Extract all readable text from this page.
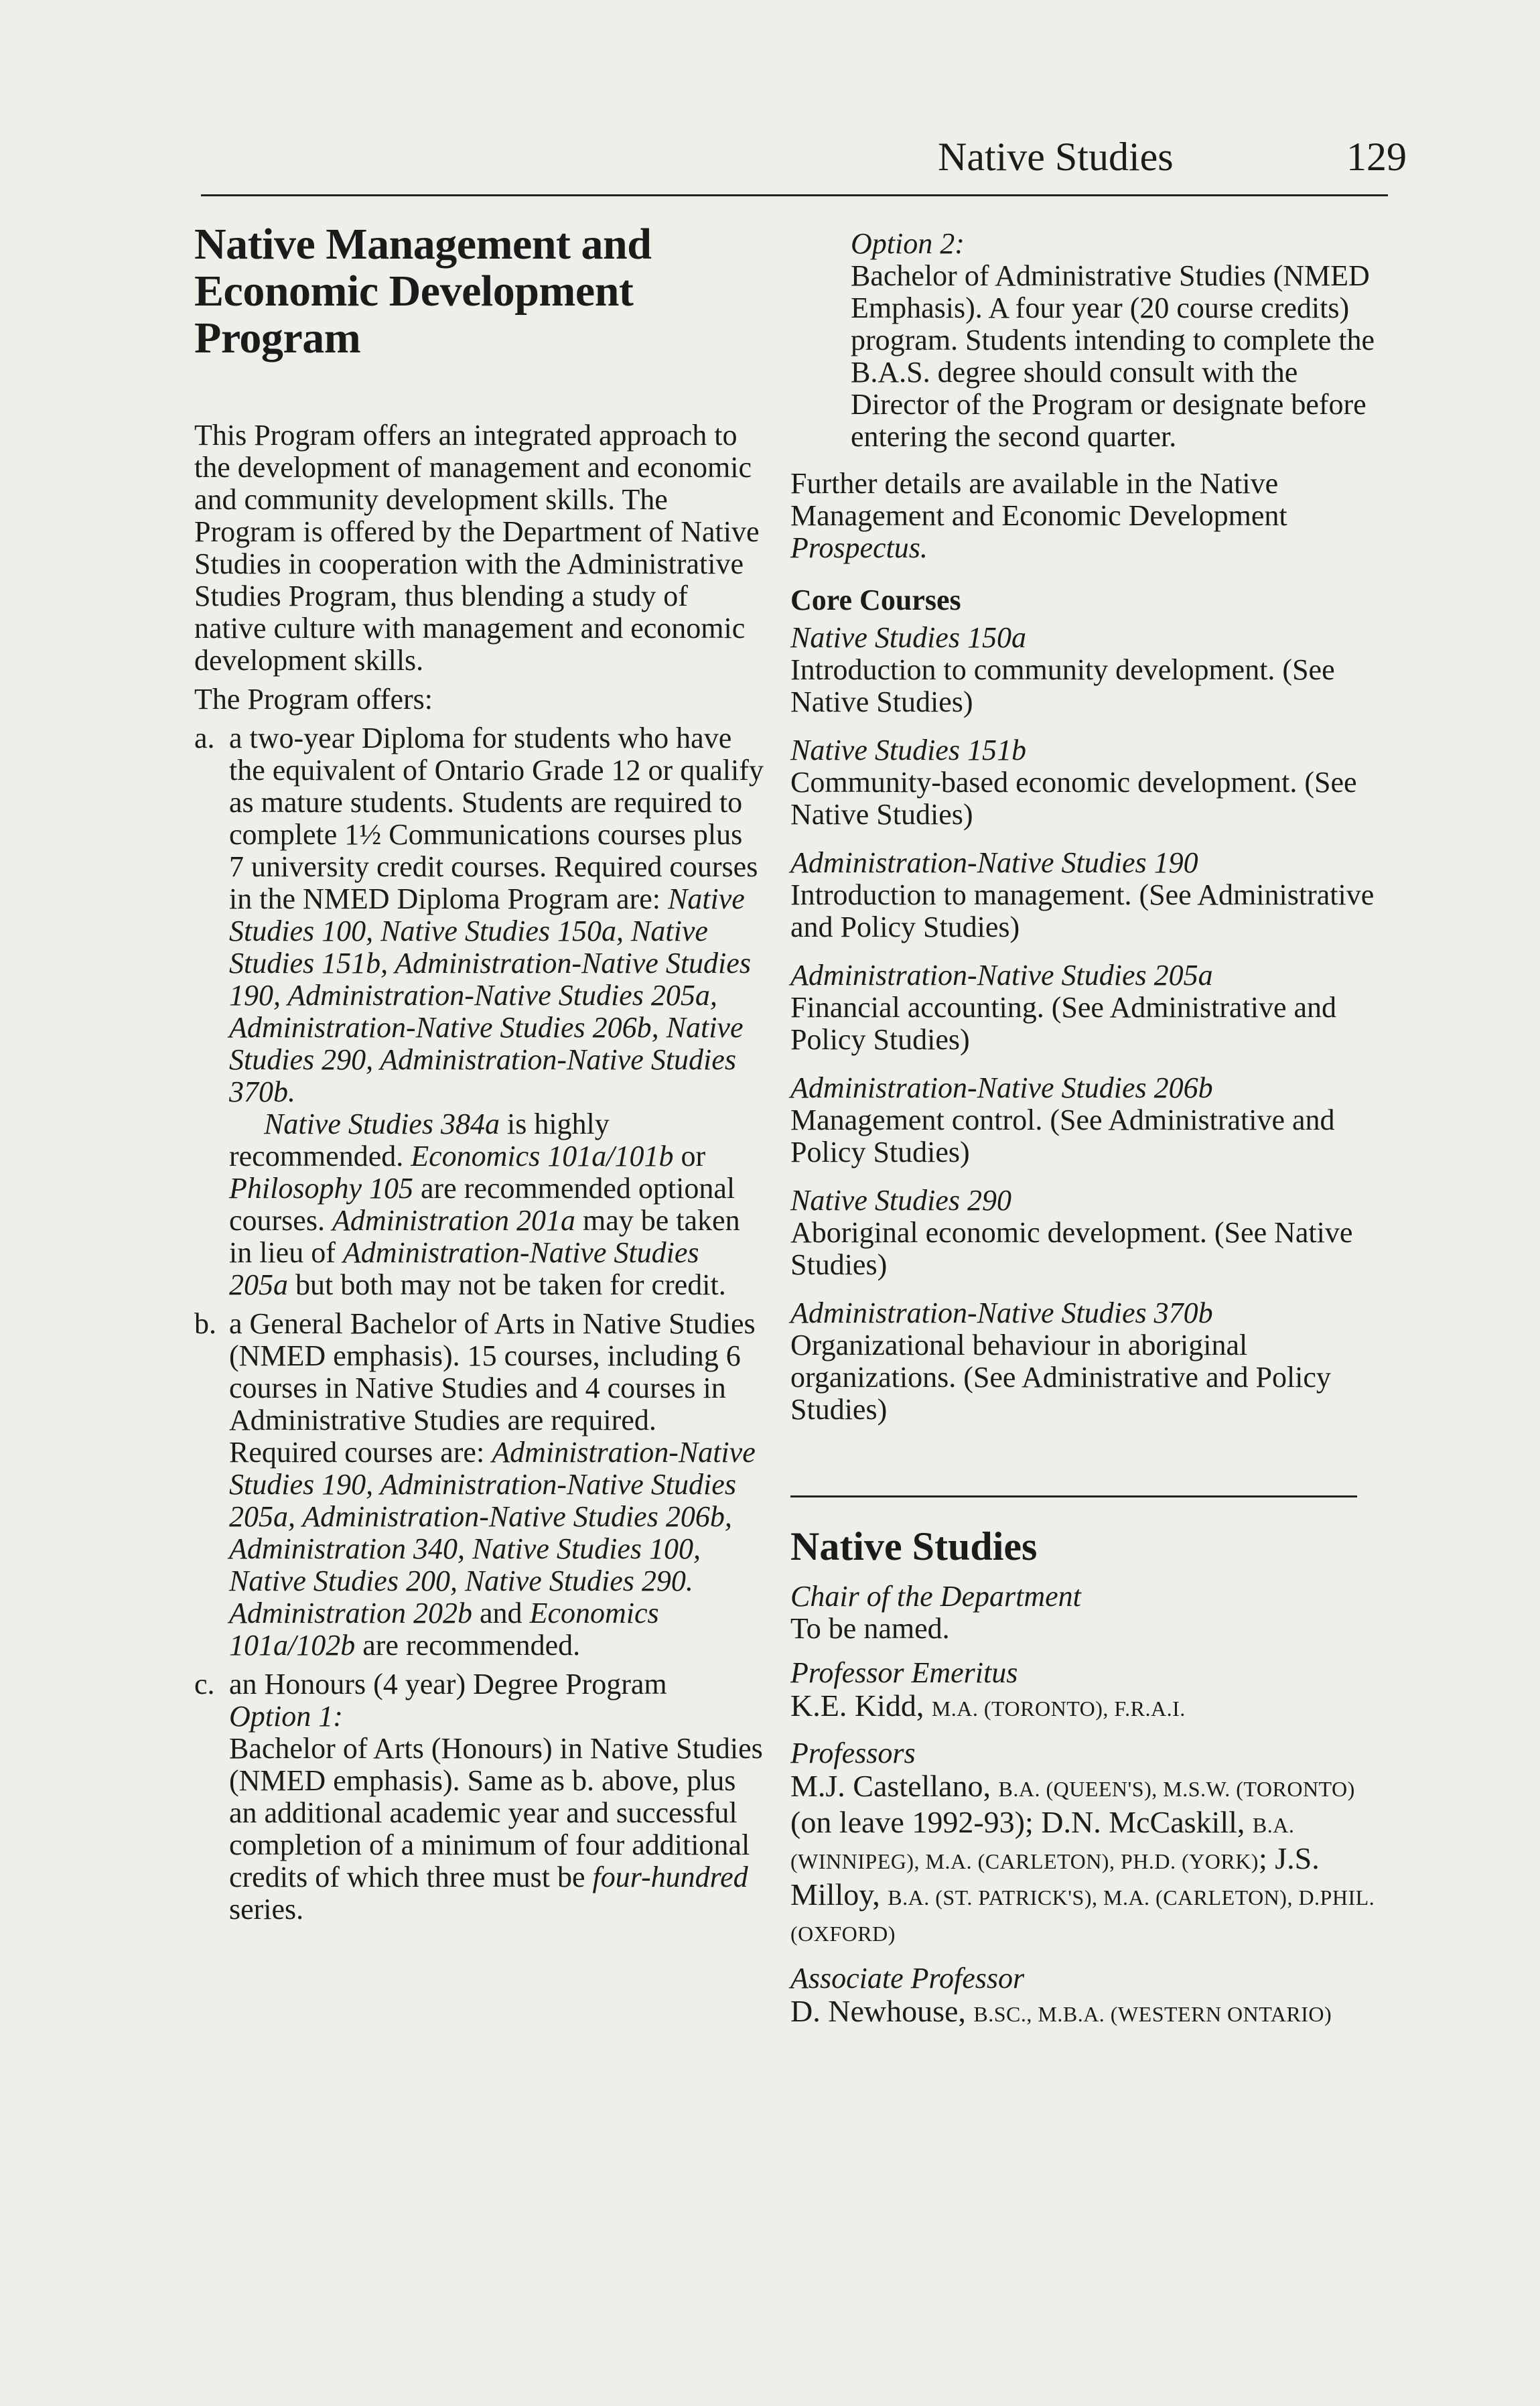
Native Studies	129
Native Management and
Economic Development
Program

This Program offers an integrated approach to the development of management and economic and community development skills. The Program is offered by the Department of Native Studies in cooperation with the Administrative Studies Program, thus blending a study of native culture with management and economic development skills.

The Program offers:

a. a two-year Diploma for students who have the equivalent of Ontario Grade 12 or qualify as mature students. Students are required to complete 1½ Communications courses plus 7 university credit courses. Required courses in the NMED Diploma Program are: Native Studies 100, Native Studies 150a, Native Studies 151b, Administration-Native Studies 190, Administration-Native Studies 205a, Administration-Native Studies 206b, Native Studies 290, Administration-Native Studies 370b.

Native Studies 384a is highly recommended. Economics 101a/101b or Philosophy 105 are recommended optional courses. Administration 201a may be taken in lieu of Administration-Native Studies 205a but both may not be taken for credit.

b. a General Bachelor of Arts in Native Studies (NMED emphasis). 15 courses, including 6 courses in Native Studies and 4 courses in Administrative Studies are required. Required courses are: Administration-Native Studies 190, Administration-Native Studies 205a, Administration-Native Studies 206b, Administration 340, Native Studies 100, Native Studies 200, Native Studies 290. Administration 202b and Economics 101a/102b are recommended.

c. an Honours (4 year) Degree Program

Option 1:

Bachelor of Arts (Honours) in Native Studies (NMED emphasis). Same as b. above, plus an additional academic year and successful completion of a minimum of four additional credits of which three must be four-hundred series.

Option 2:

Bachelor of Administrative Studies (NMED Emphasis). A four year (20 course credits) program. Students intending to complete the B.A.S. degree should consult with the Director of the Program or designate before entering the second quarter.

Further details are available in the Native Management and Economic Development Prospectus.

Core Courses

Native Studies 150a

Introduction to community development. (See Native Studies)

Native Studies 151b

Community-based economic development. (See Native Studies)

Administration-Native Studies 190

Introduction to management. (See Administrative and Policy Studies)

Administration-Native Studies 205a

Financial accounting. (See Administrative and Policy Studies)

Administration-Native Studies 206b

Management control. (See Administrative and Policy Studies)

Native Studies 290

Aboriginal economic development. (See Native Studies)

Administration-Native Studies 370b

Organizational behaviour in aboriginal organizations. (See Administrative and Policy Studies)

Native Studies

Chair of the Department

To be named.

Professor Emeritus

K.E. Kidd, M.A. (TORONTO), F.R.A.I.

Professors

M.J. Castellano, B.A. (QUEEN'S), M.S.W. (TORONTO) (on leave 1992-93); D.N. McCaskill, B.A. (WINNIPEG), M.A. (CARLETON), PH.D. (YORK); J.S. Milloy, B.A. (ST. PATRICK'S), M.A. (CARLETON), D.PHIL. (OXFORD)

Associate Professor

D. Newhouse, B.SC., M.B.A. (WESTERN ONTARIO)
